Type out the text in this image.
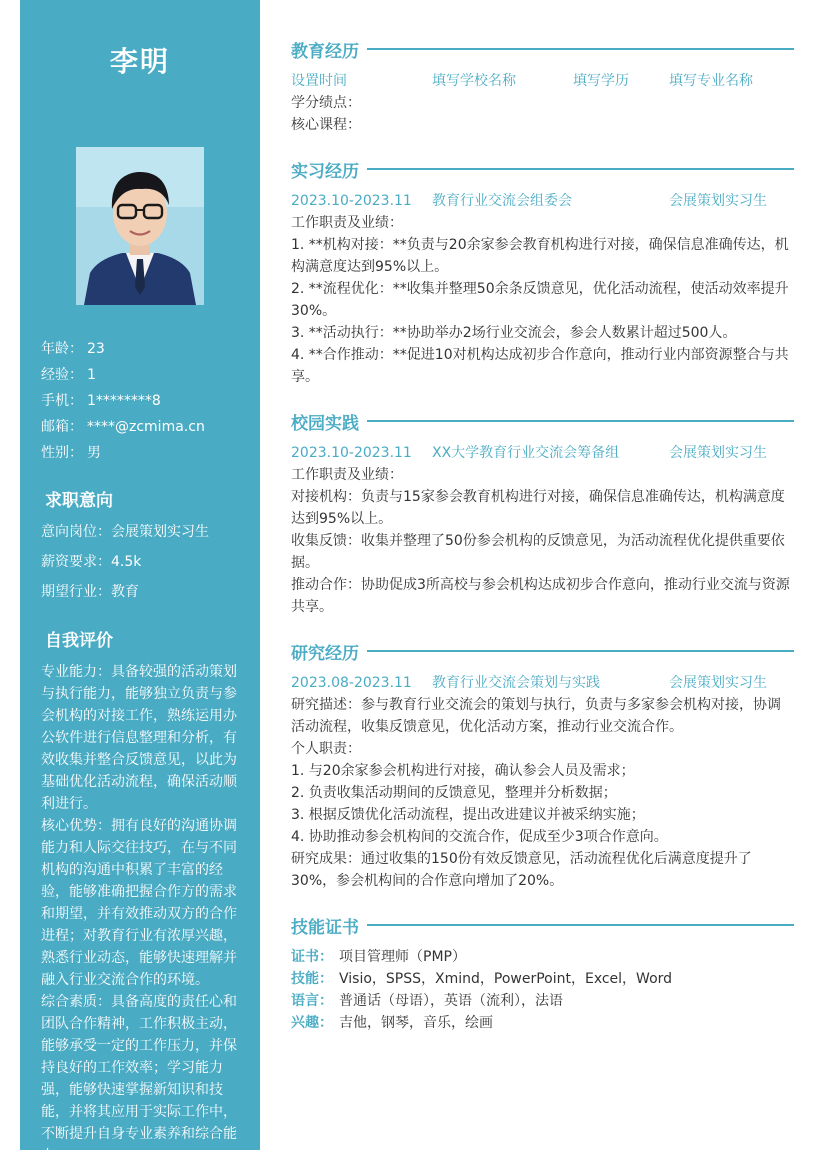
李明
年龄： 23
经验： 1
手机： 1********8
邮箱： ****@zcmima.cn
性别： 男
求职意向
意向岗位：会展策划实习生
薪资要求：4.5k
期望行业：教育
自我评价
专业能力：具备较强的活动策划与执行能力，能够独立负责与参会机构的对接工作，熟练运用办公软件进行信息整理和分析，有效收集并整合反馈意见，以此为基础优化活动流程，确保活动顺利进行。
核心优势：拥有良好的沟通协调能力和人际交往技巧，在与不同机构的沟通中积累了丰富的经验，能够准确把握合作方的需求和期望，并有效推动双方的合作进程；对教育行业有浓厚兴趣，熟悉行业动态，能够快速理解并融入行业交流合作的环境。
综合素质：具备高度的责任心和团队合作精神，工作积极主动，能够承受一定的工作压力，并保持良好的工作效率；学习能力强，能够快速掌握新知识和技能，并将其应用于实际工作中，不断提升自身专业素养和综合能力。
教育经历
设置时间	填写学校名称	填写学历	填写专业名称
学分绩点：
核心课程：
实习经历
2023.10-2023.11	教育行业交流会组委会	会展策划实习生
工作职责及业绩：
1. **机构对接：**负责与20余家参会教育机构进行对接，确保信息准确传达，机构满意度达到95%以上。
2. **流程优化：**收集并整理50余条反馈意见，优化活动流程，使活动效率提升30%。
3. **活动执行：**协助举办2场行业交流会，参会人数累计超过500人。
4. **合作推动：**促进10对机构达成初步合作意向，推动行业内部资源整合与共享。
校园实践
2023.10-2023.11	XX大学教育行业交流会筹备组	会展策划实习生
工作职责及业绩：
对接机构：负责与15家参会教育机构进行对接，确保信息准确传达，机构满意度达到95%以上。
收集反馈：收集并整理了50份参会机构的反馈意见，为活动流程优化提供重要依据。
推动合作：协助促成3所高校与参会机构达成初步合作意向，推动行业交流与资源共享。
研究经历
2023.08-2023.11	教育行业交流会策划与实践	会展策划实习生
研究描述：参与教育行业交流会的策划与执行，负责与多家参会机构对接，协调活动流程，收集反馈意见，优化活动方案，推动行业交流合作。
个人职责：
1. 与20余家参会机构进行对接，确认参会人员及需求；
2. 负责收集活动期间的反馈意见，整理并分析数据；
3. 根据反馈优化活动流程，提出改进建议并被采纳实施；
4. 协助推动参会机构间的交流合作，促成至少3项合作意向。
研究成果：通过收集的150份有效反馈意见，活动流程优化后满意度提升了30%，参会机构间的合作意向增加了20%。
技能证书
证书： 项目管理师（PMP）
技能： Visio，SPSS，Xmind，PowerPoint，Excel，Word
语言： 普通话（母语），英语（流利），法语
兴趣： 吉他，钢琴，音乐，绘画
